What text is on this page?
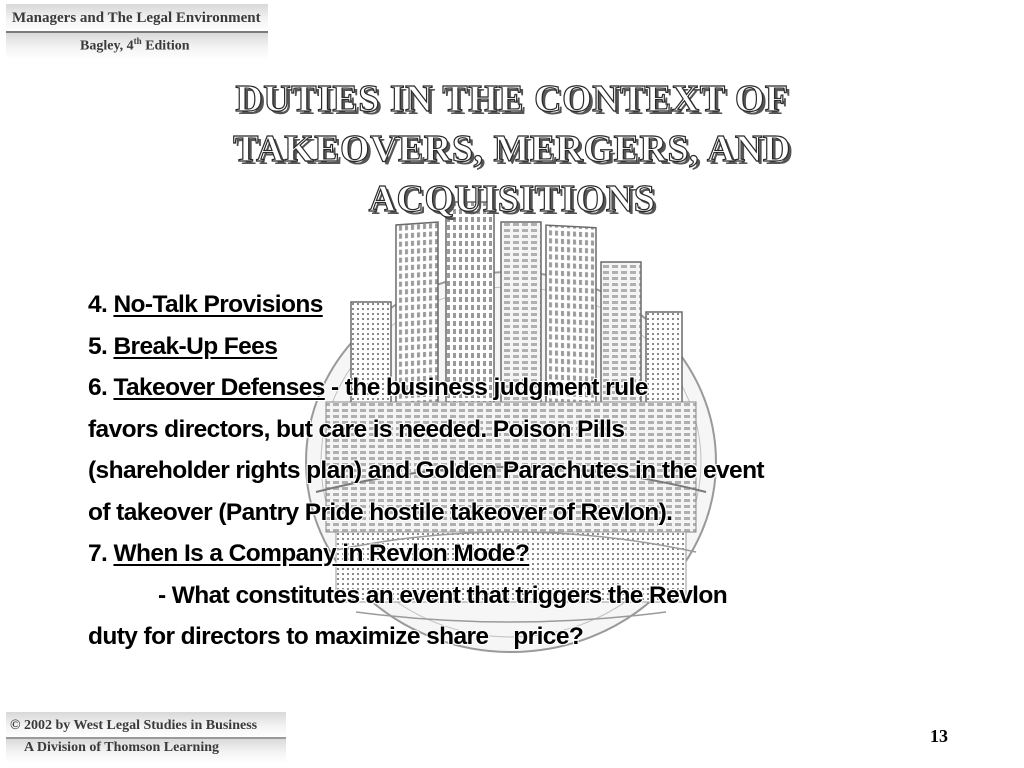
Managers and The Legal Environment
Bagley, 4th Edition
DUTIES IN THE CONTEXT OF
TAKEOVERS, MERGERS, AND
ACQUISITIONS
4. No-Talk Provisions
5. Break-Up Fees
6. Takeover Defenses - the business judgment rule
favors directors, but care is needed. Poison Pills
(shareholder rights plan) and Golden Parachutes in the event
of takeover (Pantry Pride hostile takeover of Revlon).
7. When Is a Company in Revlon Mode?
- What constitutes an event that triggers the Revlon
duty for directors to maximize share    price?
© 2002 by West Legal Studies in Business
A Division of Thomson Learning
13
